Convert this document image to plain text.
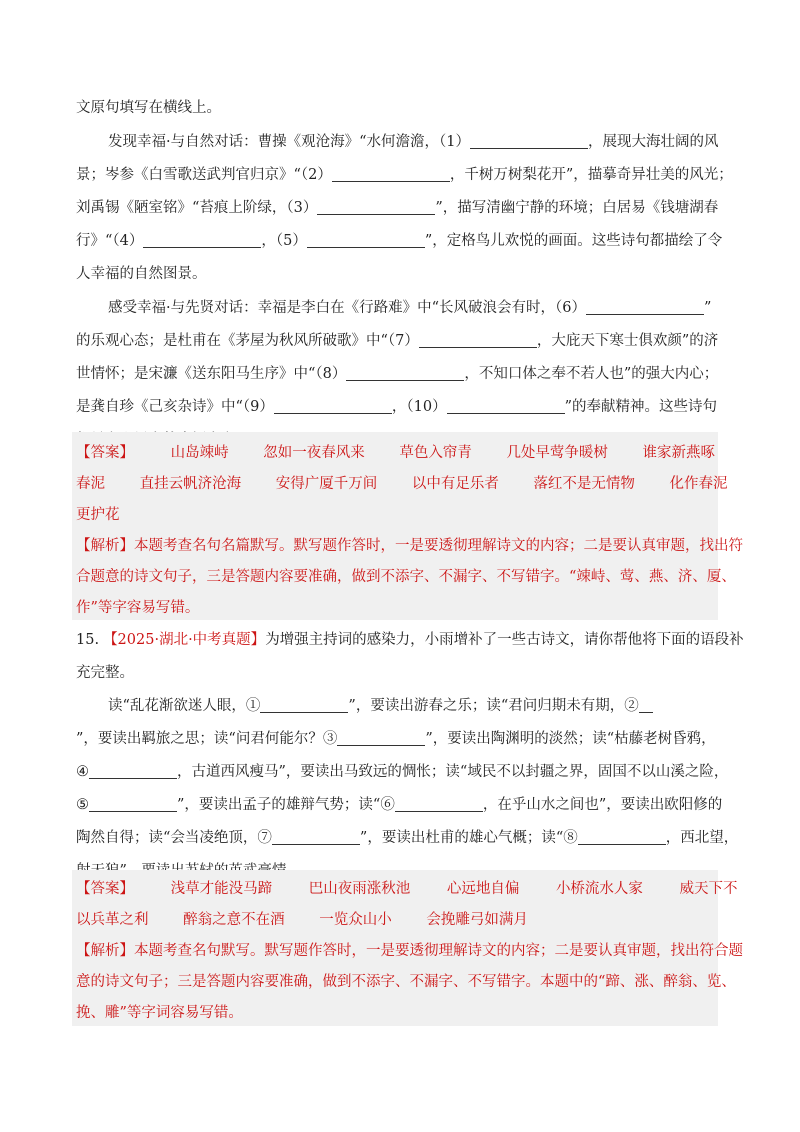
文原句填写在横线上。
发现幸福·与自然对话：曹操《观沧海》“水何澹澹，（1）	，展现大海壮阔的风
景；岑参《白雪歌送武判官归京》“（2）	，千树万树梨花开”，描摹奇异壮美的风光；
刘禹锡《陋室铭》“苔痕上阶绿，（3）	”，描写清幽宁静的环境；白居易《钱塘湖春
行》“（4）	，（5）	”，定格鸟儿欢悦的画面。这些诗句都描绘了令
人幸福的自然图景。
感受幸福·与先贤对话：幸福是李白在《行路难》中“长风破浪会有时，（6）	”
的乐观心态；是杜甫在《茅屋为秋风所破歌》中“（7）	，大庇天下寒士俱欢颜”的济
世情怀；是宋濂《送东阳马生序》中“（8）	，不知口体之奉不若人也”的强大内心；
是龚自珍《己亥杂诗》中“（9）	，（10）	”的奉献精神。这些诗句
【答案】	山岛竦峙 忽如一夜春风来 草色入帘青 几处早莺争暖树 谁家新燕啄
春泥 直挂云帆济沧海 安得广厦千万间 以中有足乐者 落红不是无情物 化作春泥
更护花
【解析】本题考查名句名篇默写。默写题作答时，一是要透彻理解诗文的内容；二是要认真审题，找出符
合题意的诗文句子，三是答题内容要准确，做到不添字、不漏字、不写错字。“竦峙、莺、燕、济、厦、
作”等字容易写错。
15. 【2025·湖北·中考真题】为增强主持词的感染力，小雨增补了一些古诗文，请你帮他将下面的语段补
充完整。
读“乱花渐欲迷人眼，①	”，要读出游春之乐；读“君问归期未有期，②
”，要读出羁旅之思；读“问君何能尔？③	”，要读出陶渊明的淡然；读“枯藤老树昏鸦，
④	，古道西风瘦马”，要读出马致远的惆怅；读“域民不以封疆之界，固国不以山溪之险，
⑤	”，要读出孟子的雄辩气势；读“⑥	，在乎山水之间也”，要读出欧阳修的
陶然自得；读“会当凌绝顶，⑦	”，要读出杜甫的雄心气概；读“⑧	，西北望，
【答案】	浅草才能没马蹄	巴山夜雨涨秋池	心远地自偏	小桥流水人家	威天下不
以兵革之利 醉翁之意不在酒 一览众山小 会挽雕弓如满月
【解析】本题考查名句默写。默写题作答时，一是要透彻理解诗文的内容；二是要认真审题，找出符合题
意的诗文句子；三是答题内容要准确，做到不添字、不漏字、不写错字。本题中的“蹄、涨、醉翁、览、
挽、雕”等字词容易写错。
